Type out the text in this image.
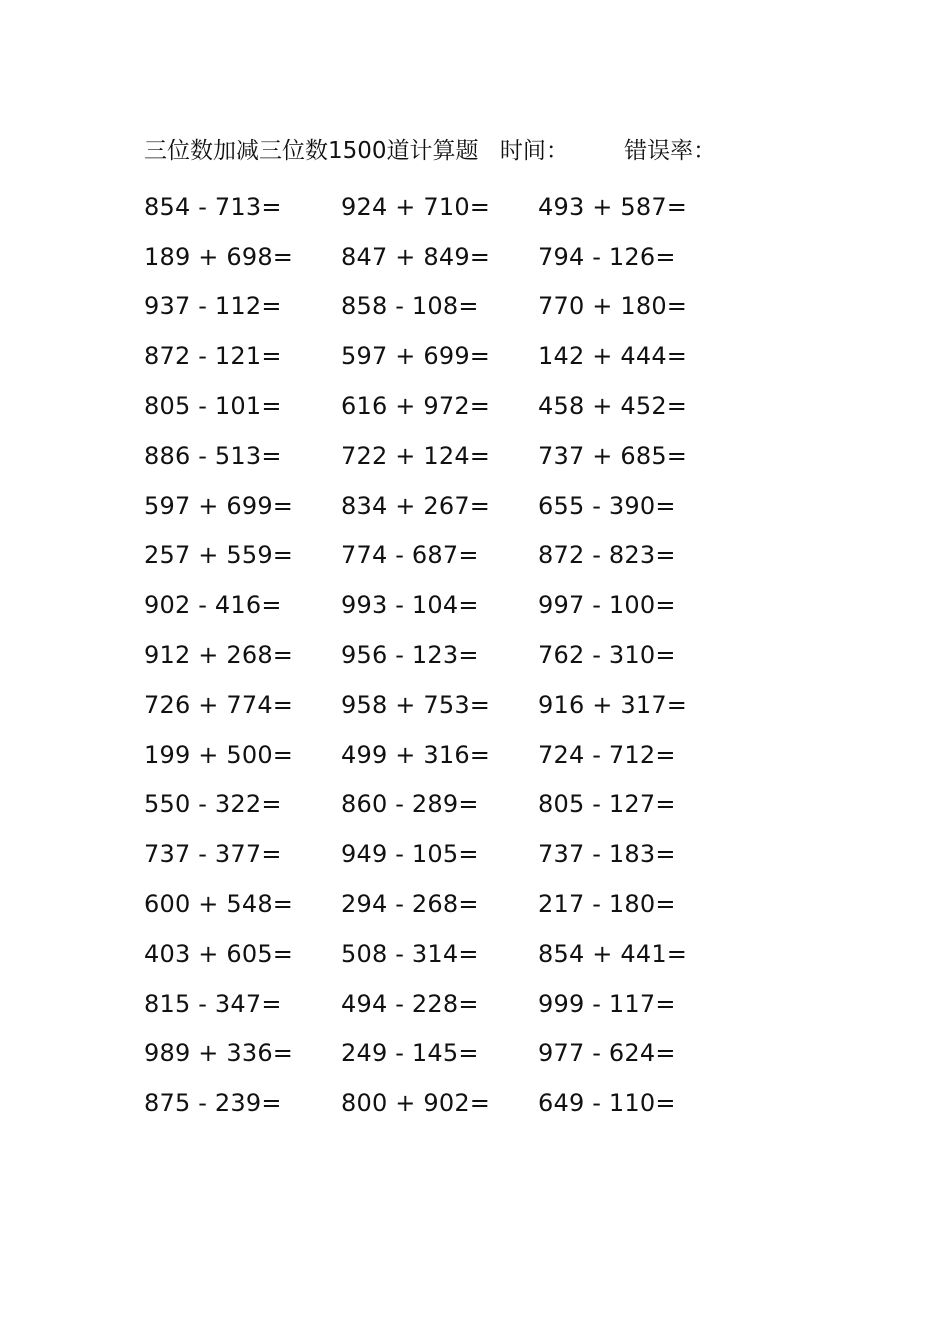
三位数加减三位数1500道计算题 时间： 错误率：
854 - 713=	924 + 710=	493 + 587=
189 + 698=	847 + 849=	794 - 126=
937 - 112=	858 - 108=	770 + 180=
872 - 121=	597 + 699=	142 + 444=
805 - 101=	616 + 972=	458 + 452=
886 - 513=	722 + 124=	737 + 685=
597 + 699=	834 + 267=	655 - 390=
257 + 559=	774 - 687=	872 - 823=
902 - 416=	993 - 104=	997 - 100=
912 + 268=	956 - 123=	762 - 310=
726 + 774=	958 + 753=	916 + 317=
199 + 500=	499 + 316=	724 - 712=
550 - 322=	860 - 289=	805 - 127=
737 - 377=	949 - 105=	737 - 183=
600 + 548=	294 - 268=	217 - 180=
403 + 605=	508 - 314=	854 + 441=
815 - 347=	494 - 228=	999 - 117=
989 + 336=	249 - 145=	977 - 624=
875 - 239=	800 + 902=	649 - 110=
